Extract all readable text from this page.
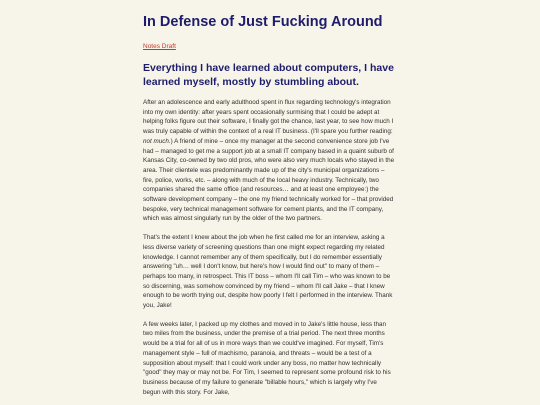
In Defense of Just Fucking Around
Notes Draft
Everything I have learned about computers, I have learned myself, mostly by stumbling about.

After an adolescence and early adulthood spent in flux regarding technology's integration into my own identity: after years spent occasionally surmising that I could be adept at helping folks figure out their software, I finally got the chance, last year, to see how much I was truly capable of within the context of a real IT business. (I'll spare you further reading: not much.) A friend of mine – once my manager at the second convenience store job I've had – managed to get me a support job at a small IT company based in a quaint suburb of Kansas City, co-owned by two old pros, who were also very much locals who stayed in the area. Their clientele was predominantly made up of the city's municipal organizations – fire, police, works, etc. – along with much of the local heavy industry. Technically, two companies shared the same office (and resources… and at least one employee:) the software development company – the one my friend technically worked for – that provided bespoke, very technical management software for cement plants, and the IT company, which was almost singularly run by the older of the two partners.

That's the extent I knew about the job when he first called me for an interview, asking a less diverse variety of screening questions than one might expect regarding my related knowledge. I cannot remember any of them specifically, but I do remember essentially answering "uh… well I don't know, but here's how I would find out" to many of them – perhaps too many, in retrospect. This IT boss – whom I'll call Tim – who was known to be so discerning, was somehow convinced by my friend – whom I'll call Jake – that I knew enough to be worth trying out, despite how poorly I felt I performed in the interview. Thank you, Jake!

A few weeks later, I packed up my clothes and moved in to Jake's little house, less than two miles from the business, under the premise of a trial period. The next three months would be a trial for all of us in more ways than we could've imagined. For myself, Tim's management style – full of machismo, paranoia, and threats – would be a test of a supposition about myself: that I could work under any boss, no matter how technically "good" they may or may not be. For Tim, I seemed to represent some profound risk to his business because of my failure to generate "billable hours," which is largely why I've begun with this story. For Jake,
